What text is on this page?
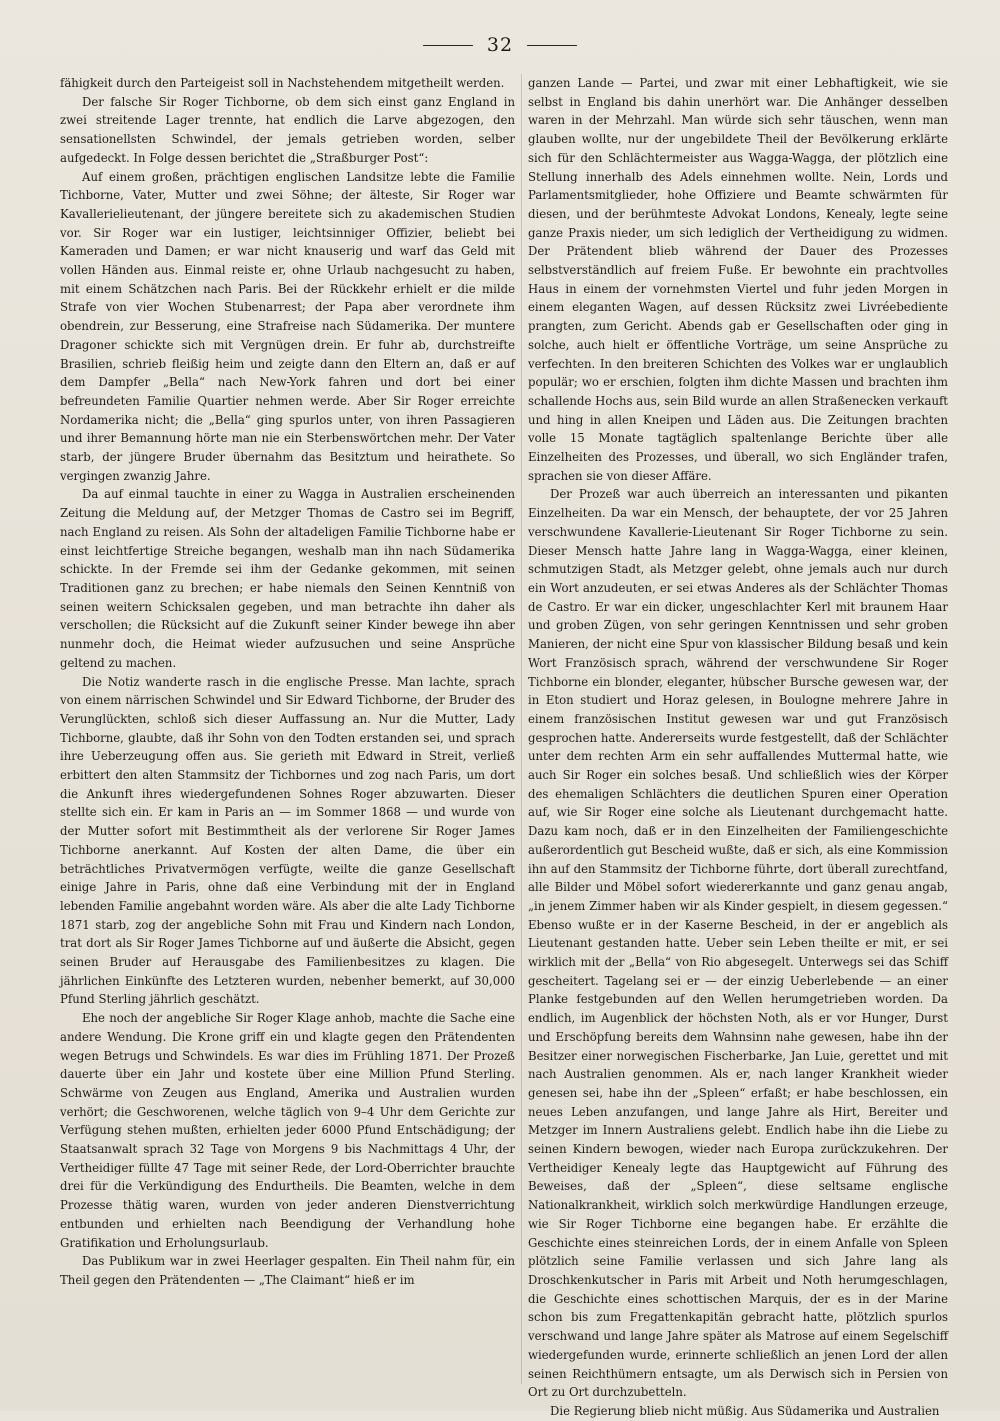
32

fähigkeit durch den Parteigeist soll in Nachstehendem mitgetheilt werden.

Der falsche Sir Roger Tichborne, ob dem sich einst ganz England in zwei streitende Lager trennte, hat endlich die Larve abgezogen, den sensationellsten Schwindel, der jemals getrieben worden, selber aufgedeckt. In Folge dessen berichtet die „Straßburger Post“:

Auf einem großen, prächtigen englischen Landsitze lebte die Familie Tichborne, Vater, Mutter und zwei Söhne; der älteste, Sir Roger war Kavallerielieutenant, der jüngere bereitete sich zu akademischen Studien vor. Sir Roger war ein lustiger, leichtsinniger Offizier, beliebt bei Kameraden und Damen; er war nicht knauserig und warf das Geld mit vollen Händen aus. Einmal reiste er, ohne Urlaub nachgesucht zu haben, mit einem Schätzchen nach Paris. Bei der Rückkehr erhielt er die milde Strafe von vier Wochen Stubenarrest; der Papa aber verordnete ihm obendrein, zur Besserung, eine Strafreise nach Südamerika. Der muntere Dragoner schickte sich mit Vergnügen drein. Er fuhr ab, durchstreifte Brasilien, schrieb fleißig heim und zeigte dann den Eltern an, daß er auf dem Dampfer „Bella“ nach New-York fahren und dort bei einer befreundeten Familie Quartier nehmen werde. Aber Sir Roger erreichte Nordamerika nicht; die „Bella“ ging spurlos unter, von ihren Passagieren und ihrer Bemannung hörte man nie ein Sterbenswörtchen mehr. Der Vater starb, der jüngere Bruder übernahm das Besitztum und heirathete. So vergingen zwanzig Jahre.

Da auf einmal tauchte in einer zu Wagga in Australien erscheinenden Zeitung die Meldung auf, der Metzger Thomas de Castro sei im Begriff, nach England zu reisen. Als Sohn der altadeligen Familie Tichborne habe er einst leichtfertige Streiche begangen, weshalb man ihn nach Südamerika schickte. In der Fremde sei ihm der Gedanke gekommen, mit seinen Traditionen ganz zu brechen; er habe niemals den Seinen Kenntniß von seinen weitern Schicksalen gegeben, und man betrachte ihn daher als verschollen; die Rücksicht auf die Zukunft seiner Kinder bewege ihn aber nunmehr doch, die Heimat wieder aufzusuchen und seine Ansprüche geltend zu machen.

Die Notiz wanderte rasch in die englische Presse. Man lachte, sprach von einem närrischen Schwindel und Sir Edward Tichborne, der Bruder des Verunglückten, schloß sich dieser Auffassung an. Nur die Mutter, Lady Tichborne, glaubte, daß ihr Sohn von den Todten erstanden sei, und sprach ihre Ueberzeugung offen aus. Sie gerieth mit Edward in Streit, verließ erbittert den alten Stammsitz der Tichbornes und zog nach Paris, um dort die Ankunft ihres wiedergefundenen Sohnes Roger abzuwarten. Dieser stellte sich ein. Er kam in Paris an — im Sommer 1868 — und wurde von der Mutter sofort mit Bestimmtheit als der verlorene Sir Roger James Tichborne anerkannt. Auf Kosten der alten Dame, die über ein beträchtliches Privatvermögen verfügte, weilte die ganze Gesellschaft einige Jahre in Paris, ohne daß eine Verbindung mit der in England lebenden Familie angebahnt worden wäre. Als aber die alte Lady Tichborne 1871 starb, zog der angebliche Sohn mit Frau und Kindern nach London, trat dort als Sir Roger James Tichborne auf und äußerte die Absicht, gegen seinen Bruder auf Herausgabe des Familienbesitzes zu klagen. Die jährlichen Einkünfte des Letzteren wurden, nebenher bemerkt, auf 30,000 Pfund Sterling jährlich geschätzt.

Ehe noch der angebliche Sir Roger Klage anhob, machte die Sache eine andere Wendung. Die Krone griff ein und klagte gegen den Prätendenten wegen Betrugs und Schwindels. Es war dies im Frühling 1871. Der Prozeß dauerte über ein Jahr und kostete über eine Million Pfund Sterling. Schwärme von Zeugen aus England, Amerika und Australien wurden verhört; die Geschworenen, welche täglich von 9–4 Uhr dem Gerichte zur Verfügung stehen mußten, erhielten jeder 6000 Pfund Entschädigung; der Staatsanwalt sprach 32 Tage von Morgens 9 bis Nachmittags 4 Uhr, der Vertheidiger füllte 47 Tage mit seiner Rede, der Lord-Oberrichter brauchte drei für die Verkündigung des Endurtheils. Die Beamten, welche in dem Prozesse thätig waren, wurden von jeder anderen Dienstverrichtung entbunden und erhielten nach Beendigung der Verhandlung hohe Gratifikation und Erholungsurlaub.

Das Publikum war in zwei Heerlager gespalten. Ein Theil nahm für, ein Theil gegen den Prätendenten — „The Claimant“ hieß er im

ganzen Lande — Partei, und zwar mit einer Lebhaftigkeit, wie sie selbst in England bis dahin unerhört war. Die Anhänger desselben waren in der Mehrzahl. Man würde sich sehr täuschen, wenn man glauben wollte, nur der ungebildete Theil der Bevölkerung erklärte sich für den Schlächtermeister aus Wagga-Wagga, der plötzlich eine Stellung innerhalb des Adels einnehmen wollte. Nein, Lords und Parlamentsmitglieder, hohe Offiziere und Beamte schwärmten für diesen, und der berühmteste Advokat Londons, Kenealy, legte seine ganze Praxis nieder, um sich lediglich der Vertheidigung zu widmen. Der Prätendent blieb während der Dauer des Prozesses selbstverständlich auf freiem Fuße. Er bewohnte ein prachtvolles Haus in einem der vornehmsten Viertel und fuhr jeden Morgen in einem eleganten Wagen, auf dessen Rücksitz zwei Livréebediente prangten, zum Gericht. Abends gab er Gesellschaften oder ging in solche, auch hielt er öffentliche Vorträge, um seine Ansprüche zu verfechten. In den breiteren Schichten des Volkes war er unglaublich populär; wo er erschien, folgten ihm dichte Massen und brachten ihm schallende Hochs aus, sein Bild wurde an allen Straßenecken verkauft und hing in allen Kneipen und Läden aus. Die Zeitungen brachten volle 15 Monate tagtäglich spaltenlange Berichte über alle Einzelheiten des Prozesses, und überall, wo sich Engländer trafen, sprachen sie von dieser Affäre.

Der Prozeß war auch überreich an interessanten und pikanten Einzelheiten. Da war ein Mensch, der behauptete, der vor 25 Jahren verschwundene Kavallerie-Lieutenant Sir Roger Tichborne zu sein. Dieser Mensch hatte Jahre lang in Wagga-Wagga, einer kleinen, schmutzigen Stadt, als Metzger gelebt, ohne jemals auch nur durch ein Wort anzudeuten, er sei etwas Anderes als der Schlächter Thomas de Castro. Er war ein dicker, ungeschlachter Kerl mit braunem Haar und groben Zügen, von sehr geringen Kenntnissen und sehr groben Manieren, der nicht eine Spur von klassischer Bildung besaß und kein Wort Französisch sprach, während der verschwundene Sir Roger Tichborne ein blonder, eleganter, hübscher Bursche gewesen war, der in Eton studiert und Horaz gelesen, in Boulogne mehrere Jahre in einem französischen Institut gewesen war und gut Französisch gesprochen hatte. Andererseits wurde festgestellt, daß der Schlächter unter dem rechten Arm ein sehr auffallendes Muttermal hatte, wie auch Sir Roger ein solches besaß. Und schließlich wies der Körper des ehemaligen Schlächters die deutlichen Spuren einer Operation auf, wie Sir Roger eine solche als Lieutenant durchgemacht hatte. Dazu kam noch, daß er in den Einzelheiten der Familiengeschichte außerordentlich gut Bescheid wußte, daß er sich, als eine Kommission ihn auf den Stammsitz der Tichborne führte, dort überall zurechtfand, alle Bilder und Möbel sofort wiedererkannte und ganz genau angab, „in jenem Zimmer haben wir als Kinder gespielt, in diesem gegessen.“ Ebenso wußte er in der Kaserne Bescheid, in der er angeblich als Lieutenant gestanden hatte. Ueber sein Leben theilte er mit, er sei wirklich mit der „Bella“ von Rio abgesegelt. Unterwegs sei das Schiff gescheitert. Tagelang sei er — der einzig Ueberlebende — an einer Planke festgebunden auf den Wellen herumgetrieben worden. Da endlich, im Augenblick der höchsten Noth, als er vor Hunger, Durst und Erschöpfung bereits dem Wahnsinn nahe gewesen, habe ihn der Besitzer einer norwegischen Fischerbarke, Jan Luie, gerettet und mit nach Australien genommen. Als er, nach langer Krankheit wieder genesen sei, habe ihn der „Spleen“ erfaßt; er habe beschlossen, ein neues Leben anzufangen, und lange Jahre als Hirt, Bereiter und Metzger im Innern Australiens gelebt. Endlich habe ihn die Liebe zu seinen Kindern bewogen, wieder nach Europa zurückzukehren. Der Vertheidiger Kenealy legte das Hauptgewicht auf Führung des Beweises, daß der „Spleen“, diese seltsame englische Nationalkrankheit, wirklich solch merkwürdige Handlungen erzeuge, wie Sir Roger Tichborne eine begangen habe. Er erzählte die Geschichte eines steinreichen Lords, der in einem Anfalle von Spleen plötzlich seine Familie verlassen und sich Jahre lang als Droschkenkutscher in Paris mit Arbeit und Noth herumgeschlagen, die Geschichte eines schottischen Marquis, der es in der Marine schon bis zum Fregattenkapitän gebracht hatte, plötzlich spurlos verschwand und lange Jahre später als Matrose auf einem Segelschiff wiedergefunden wurde, erinnerte schließlich an jenen Lord der allen seinen Reichthümern entsagte, um als Derwisch sich in Persien von Ort zu Ort durchzubetteln.

Die Regierung blieb nicht müßig. Aus Südamerika und Australien
